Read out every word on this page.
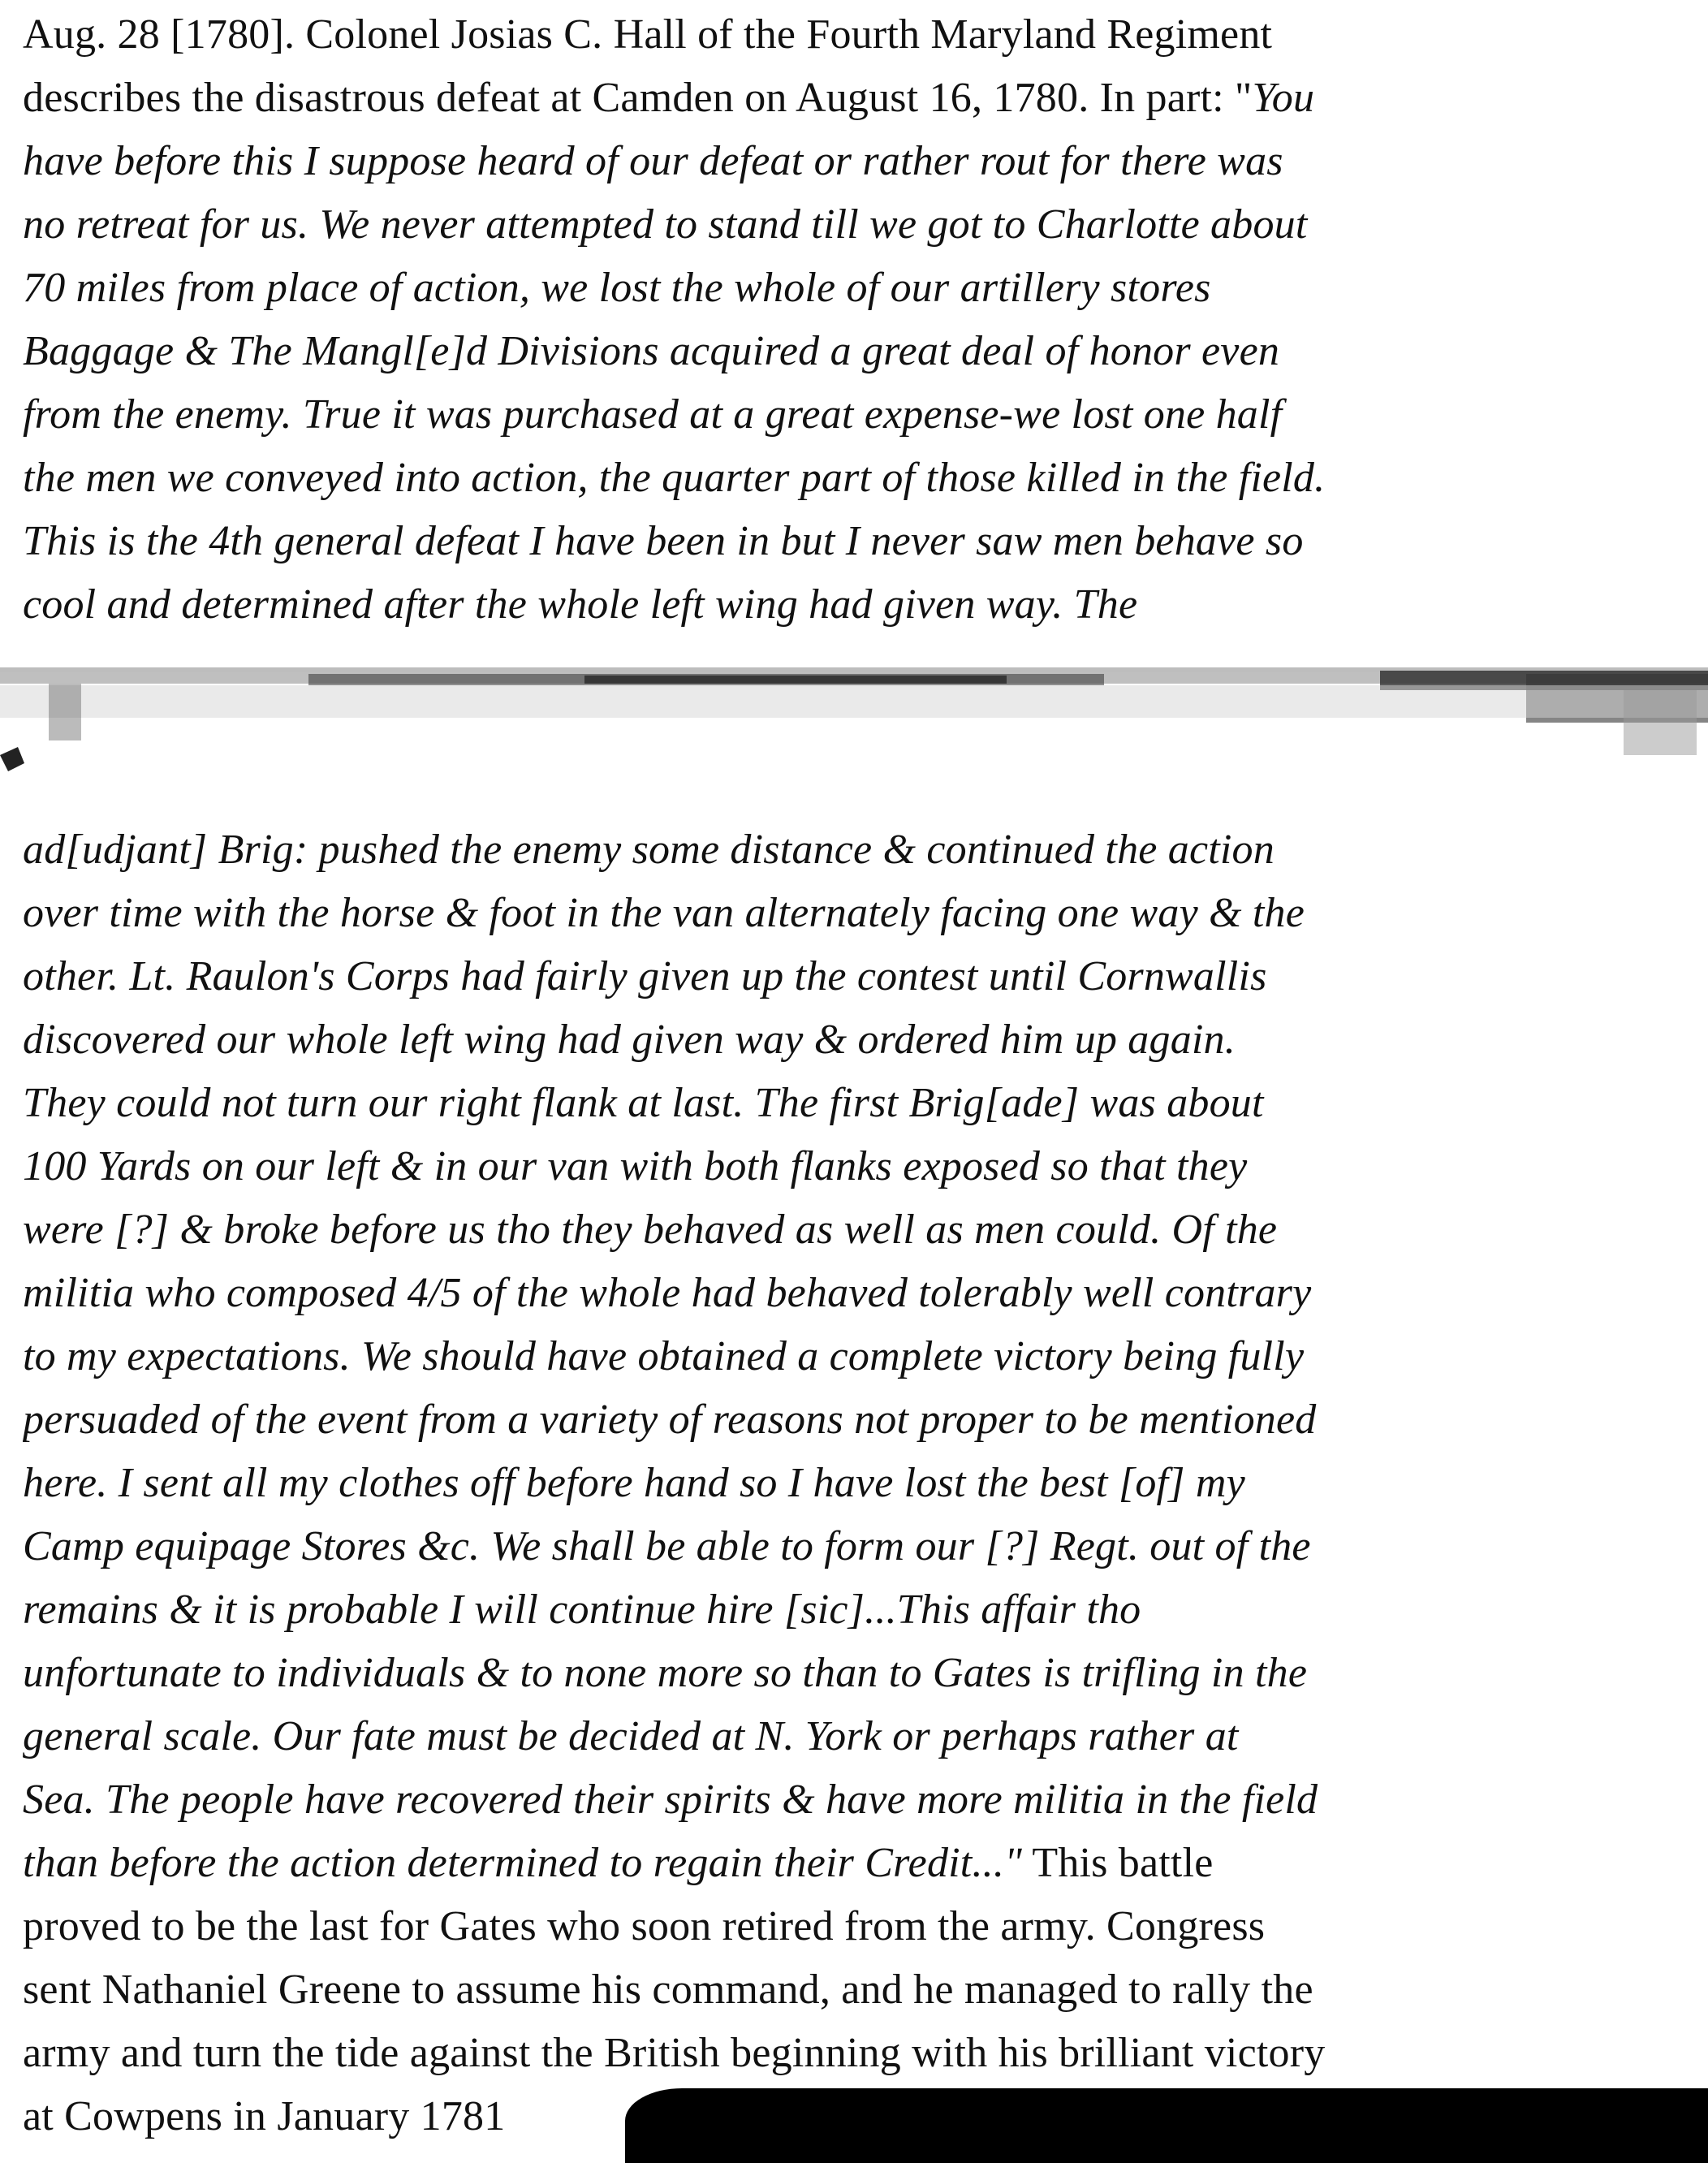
Aug. 28 [1780]. Colonel Josias C. Hall of the Fourth Maryland Regiment
describes the disastrous defeat at Camden on August 16, 1780. In part: "You
have before this I suppose heard of our defeat or rather rout for there was
no retreat for us. We never attempted to stand till we got to Charlotte about
70 miles from place of action, we lost the whole of our artillery stores
Baggage & The Mangl[e]d Divisions acquired a great deal of honor even
from the enemy. True it was purchased at a great expense-we lost one half
the men we conveyed into action, the quarter part of those killed in the field.
This is the 4th general defeat I have been in but I never saw men behave so
cool and determined after the whole left wing had given way. The
ad[udjant] Brig: pushed the enemy some distance & continued the action
over time with the horse & foot in the van alternately facing one way & the
other. Lt. Raulon's Corps had fairly given up the contest until Cornwallis
discovered our whole left wing had given way & ordered him up again.
They could not turn our right flank at last. The first Brig[ade] was about
100 Yards on our left & in our van with both flanks exposed so that they
were [?] & broke before us tho they behaved as well as men could. Of the
militia who composed 4/5 of the whole had behaved tolerably well contrary
to my expectations. We should have obtained a complete victory being fully
persuaded of the event from a variety of reasons not proper to be mentioned
here. I sent all my clothes off before hand so I have lost the best [of] my
Camp equipage Stores &c. We shall be able to form our [?] Regt. out of the
remains & it is probable I will continue hire [sic]...This affair tho
unfortunate to individuals & to none more so than to Gates is trifling in the
general scale. Our fate must be decided at N. York or perhaps rather at
Sea. The people have recovered their spirits & have more militia in the field
than before the action determined to regain their Credit..." This battle
proved to be the last for Gates who soon retired from the army. Congress
sent Nathaniel Greene to assume his command, and he managed to rally the
army and turn the tide against the British beginning with his brilliant victory
at Cowpens in January 1781
